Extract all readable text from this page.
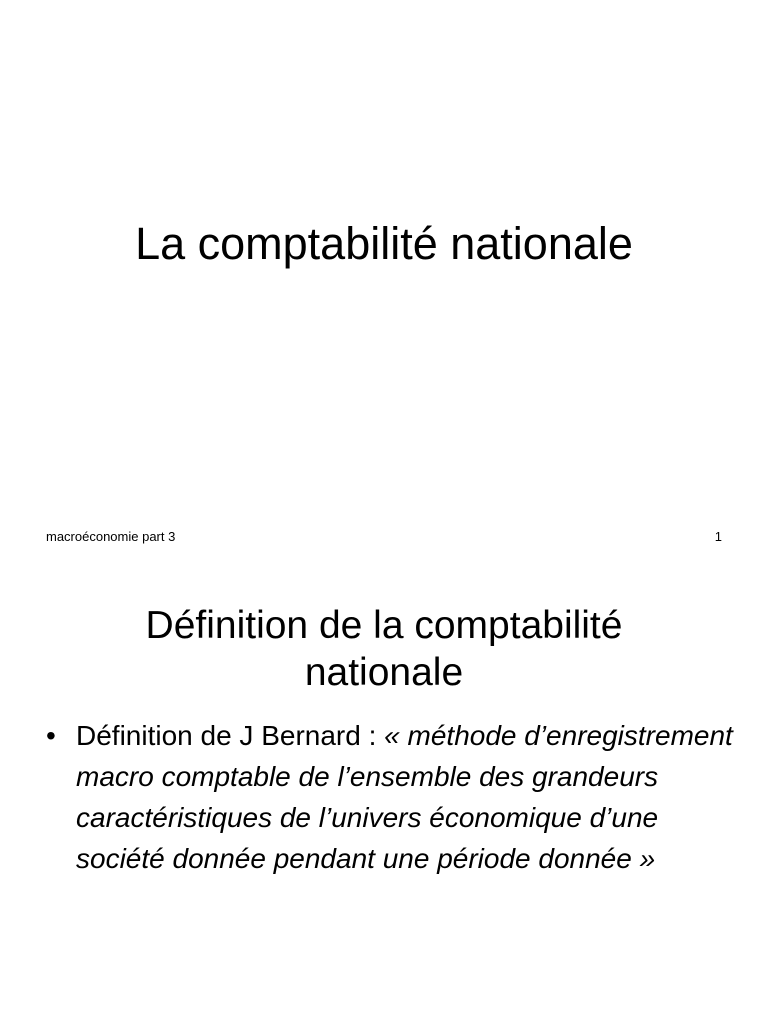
La comptabilité nationale
macroéconomie part 3	1
Définition de la comptabilité
nationale
• Définition de J Bernard : « méthode d’enregistrement macro comptable de l’ensemble des grandeurs caractéristiques de l’univers économique d’une société donnée pendant une période donnée »
